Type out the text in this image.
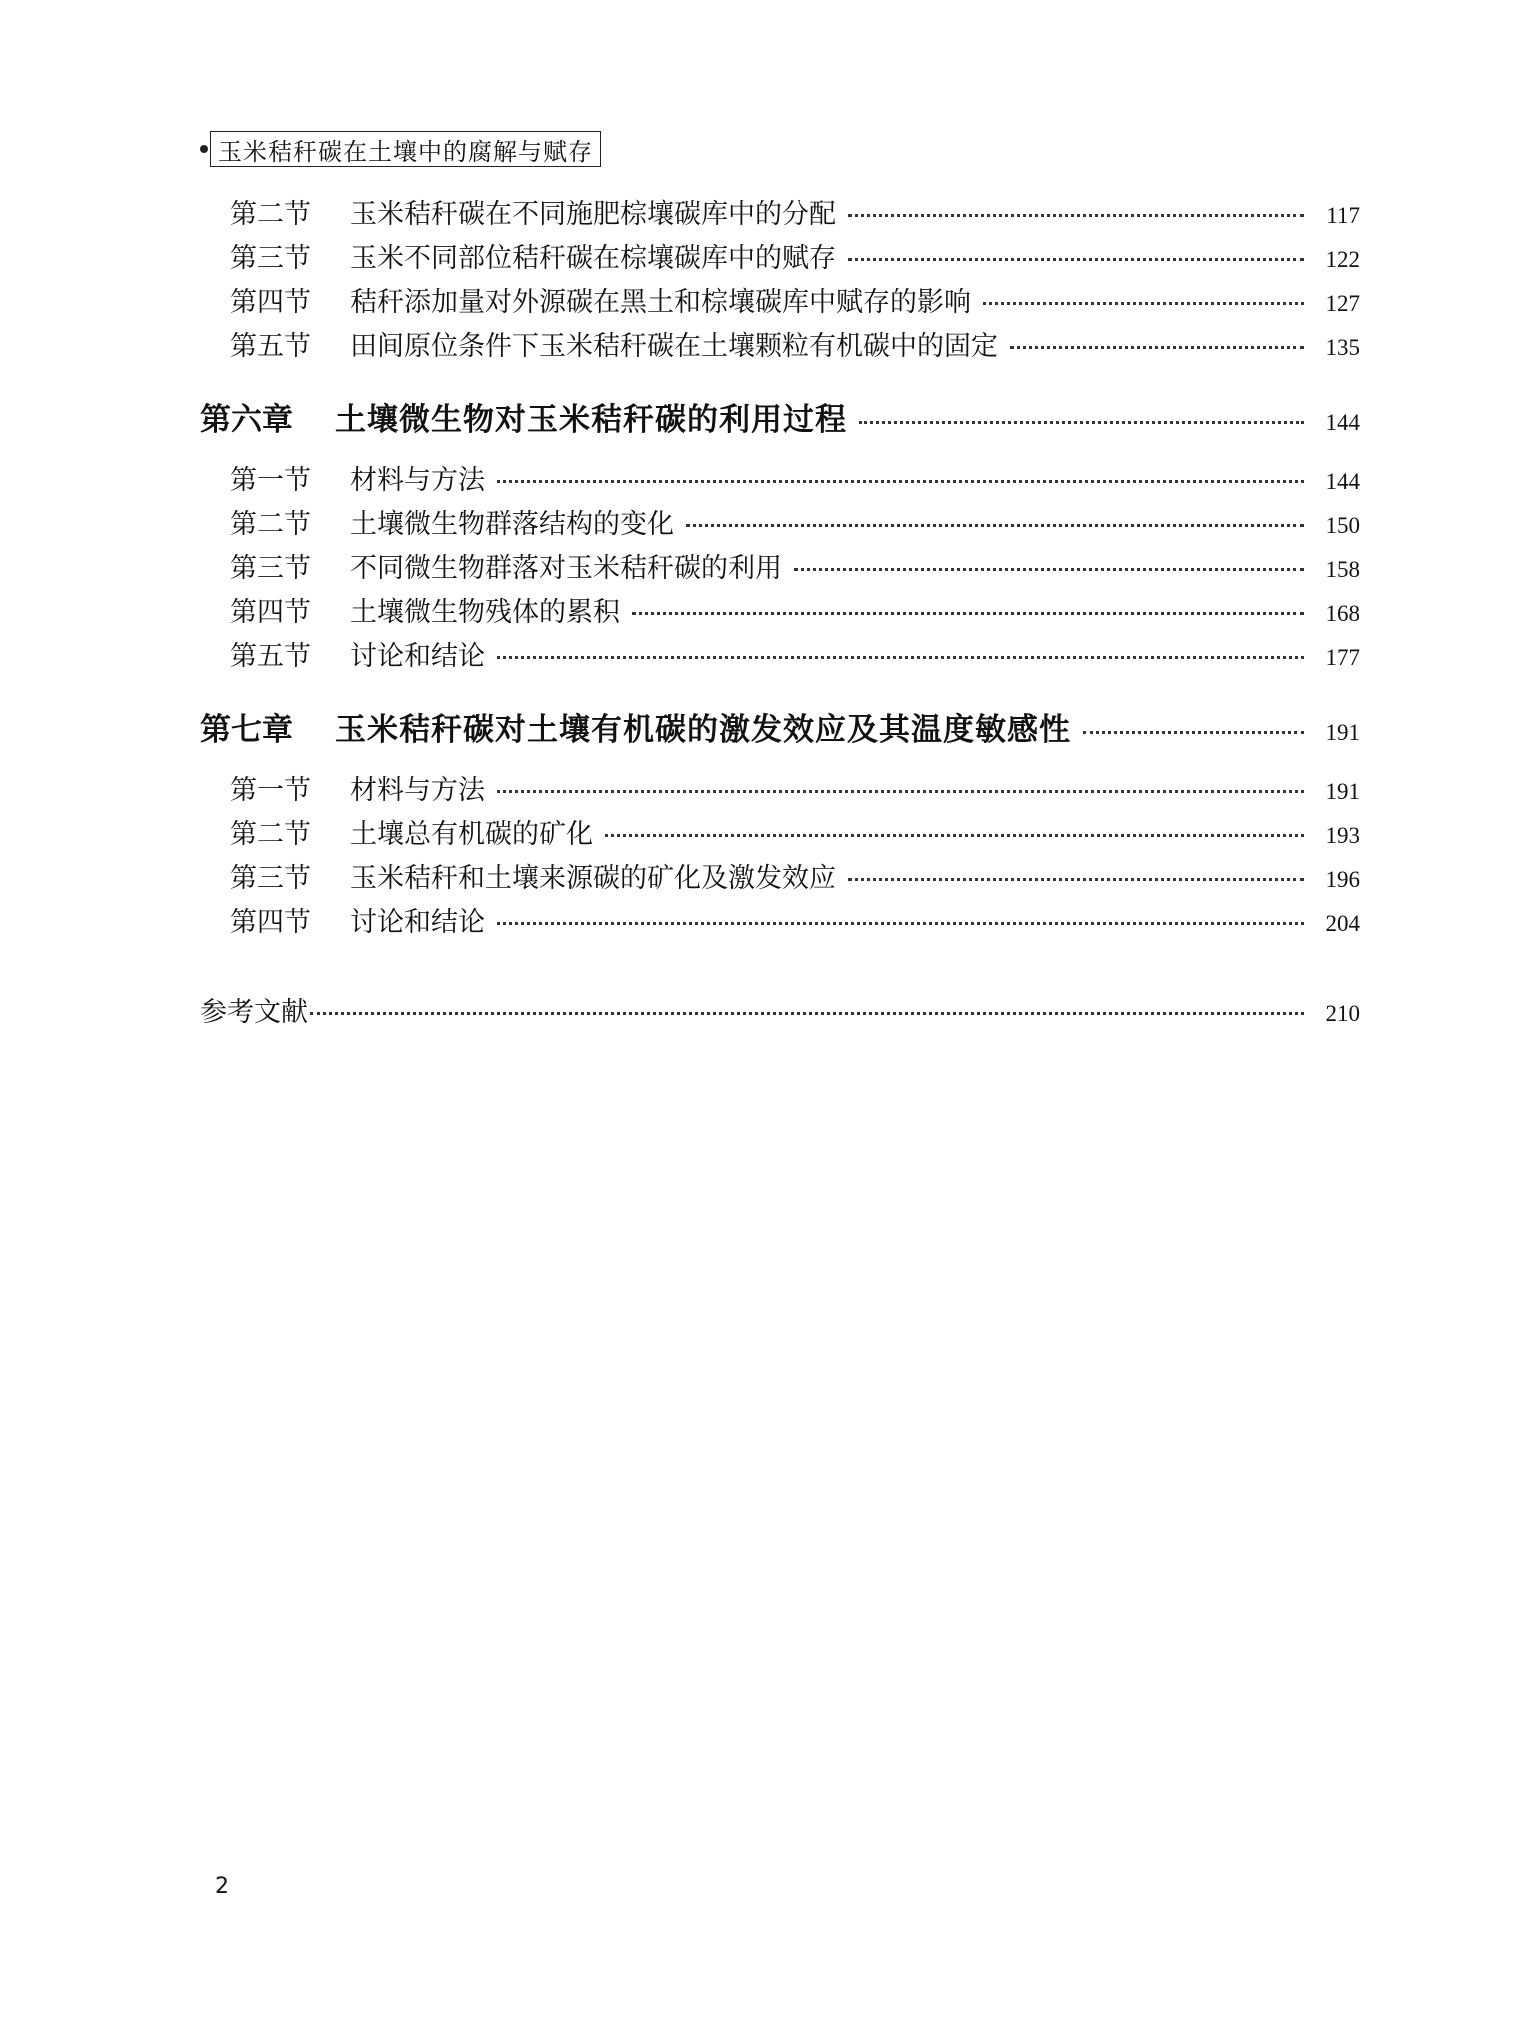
玉米秸秆碳在土壤中的腐解与赋存
第二节	玉米秸秆碳在不同施肥棕壤碳库中的分配	117
第三节	玉米不同部位秸秆碳在棕壤碳库中的赋存	122
第四节	秸秆添加量对外源碳在黑土和棕壤碳库中赋存的影响	127
第五节	田间原位条件下玉米秸秆碳在土壤颗粒有机碳中的固定	135
第六章	土壤微生物对玉米秸秆碳的利用过程	144
第一节	材料与方法	144
第二节	土壤微生物群落结构的变化	150
第三节	不同微生物群落对玉米秸秆碳的利用	158
第四节	土壤微生物残体的累积	168
第五节	讨论和结论	177
第七章	玉米秸秆碳对土壤有机碳的激发效应及其温度敏感性	191
第一节	材料与方法	191
第二节	土壤总有机碳的矿化	193
第三节	玉米秸秆和土壤来源碳的矿化及激发效应	196
第四节	讨论和结论	204
参考文献	210
2
